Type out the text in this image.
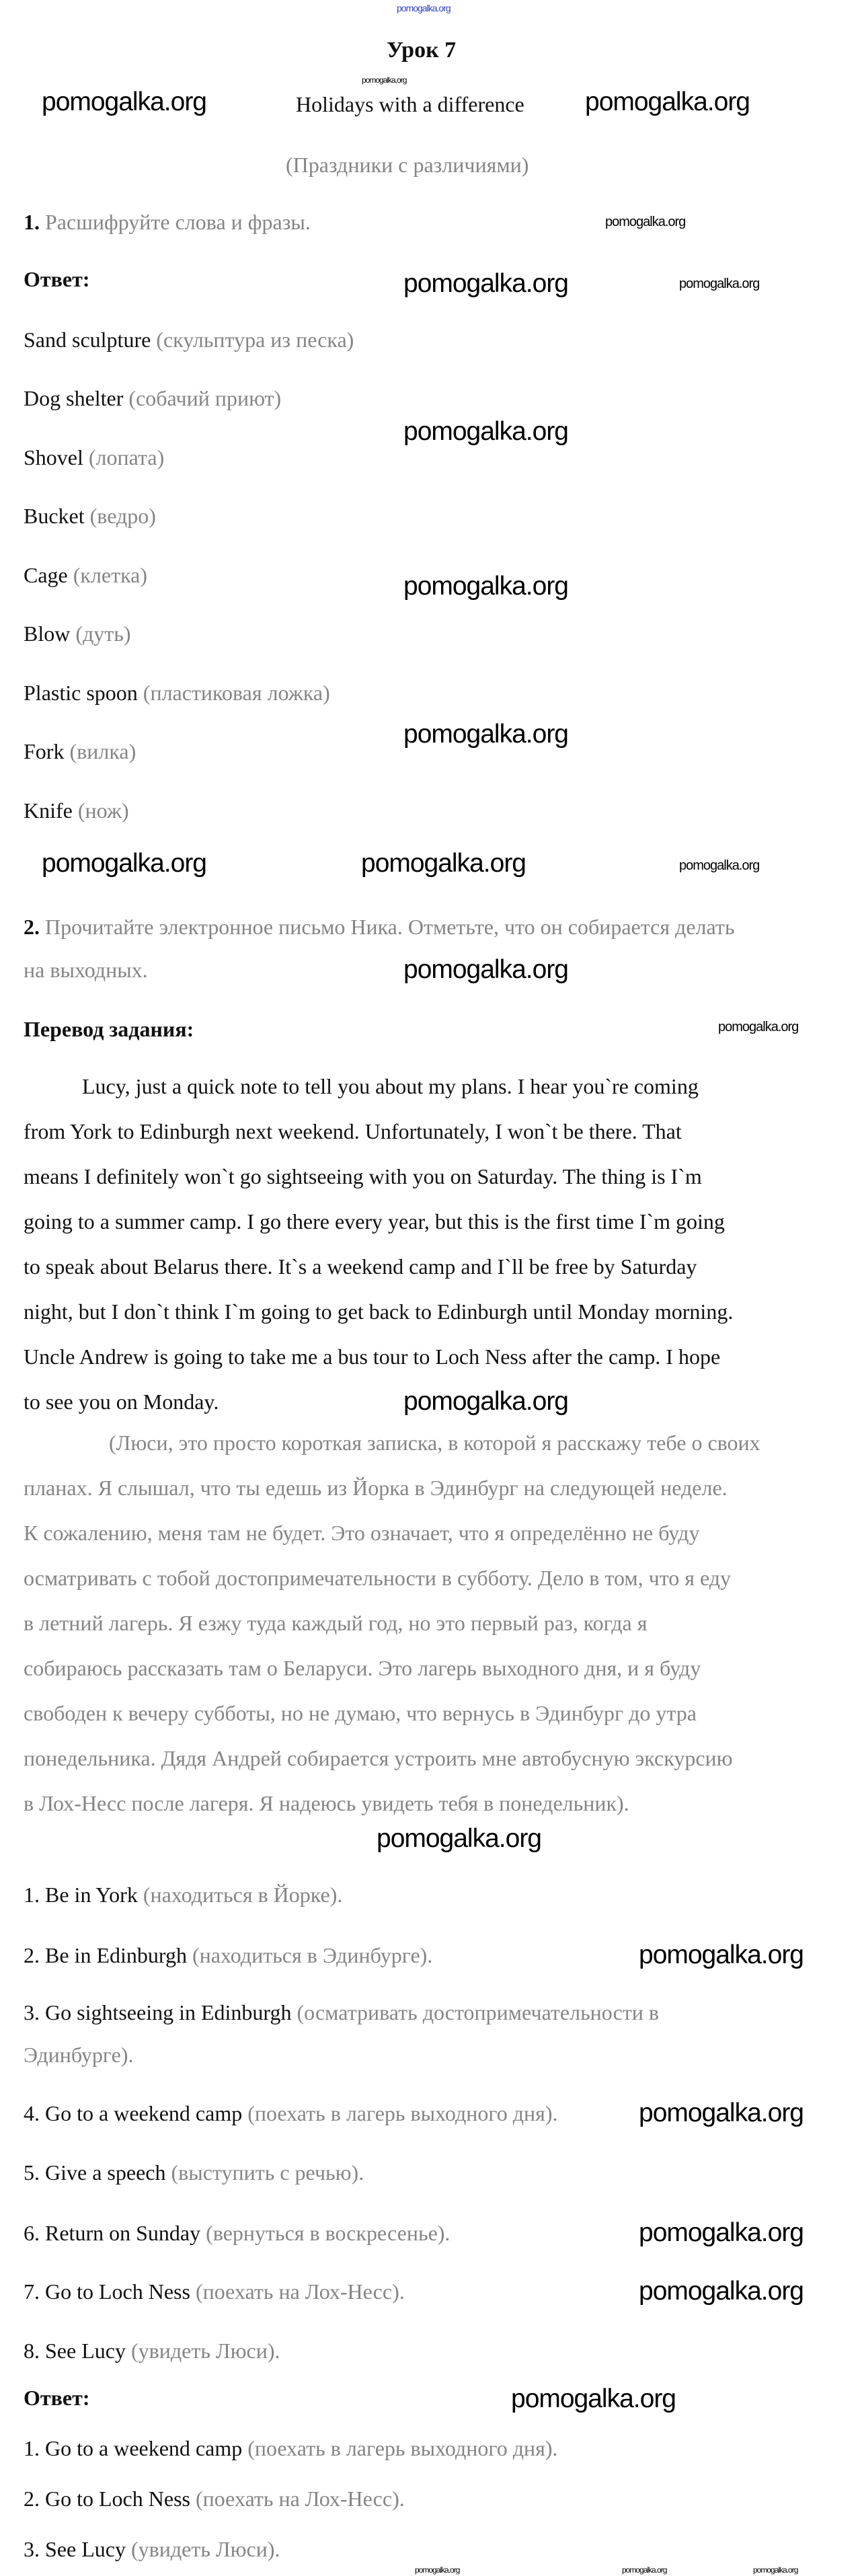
Урок 7
Holidays with a difference
(Праздники с различиями)
1. Расшифруйте слова и фразы.
Ответ:
2. Прочитайте электронное письмо Ника. Отметьте, что он собирается делать
на выходных.
Перевод задания:
Ответ:
Sand sculpture (скульптура из песка)
Dog shelter (собачий приют)
Shovel (лопата)
Bucket (ведро)
Cage (клетка)
Blow (дуть)
Plastic spoon (пластиковая ложка)
Fork (вилка)
Knife (нож)
Lucy, just a quick note to tell you about my plans. I hear you`re coming
from York to Edinburgh next weekend. Unfortunately, I won`t be there. That
means I definitely won`t go sightseeing with you on Saturday. The thing is I`m
going to a summer camp. I go there every year, but this is the first time I`m going
to speak about Belarus there. It`s a weekend camp and I`ll be free by Saturday
night, but I don`t think I`m going to get back to Edinburgh until Monday morning.
Uncle Andrew is going to take me a bus tour to Loch Ness after the camp. I hope
to see you on Monday.
(Люси, это просто короткая записка, в которой я расскажу тебе о своих
планах. Я слышал, что ты едешь из Йорка в Эдинбург на следующей неделе.
К сожалению, меня там не будет. Это означает, что я определённо не буду
осматривать с тобой достопримечательности в субботу. Дело в том, что я еду
в летний лагерь. Я езжу туда каждый год, но это первый раз, когда я
собираюсь рассказать там о Беларуси. Это лагерь выходного дня, и я буду
свободен к вечеру субботы, но не думаю, что вернусь в Эдинбург до утра
понедельника. Дядя Андрей собирается устроить мне автобусную экскурсию
в Лох-Несс после лагеря. Я надеюсь увидеть тебя в понедельник).
1. Be in York (находиться в Йорке).
2. Be in Edinburgh (находиться в Эдинбурге).
3. Go sightseeing in Edinburgh (осматривать достопримечательности в
4. Go to a weekend camp (поехать в лагерь выходного дня).
5. Give a speech (выступить с речью).
6. Return on Sunday (вернуться в воскресенье).
7. Go to Loch Ness (поехать на Лох-Несс).
8. See Lucy (увидеть Люси).
Эдинбурге).
1. Go to a weekend camp (поехать в лагерь выходного дня).
2. Go to Loch Ness (поехать на Лох-Несс).
3. See Lucy (увидеть Люси).
pomogalka.org
pomogalka.org	pomogalka.org
pomogalka.org
pomogalka.org
pomogalka.org	pomogalka.org
pomogalka.org
pomogalka.org
pomogalka.org
pomogalka.org	pomogalka.org	pomogalka.org
pomogalka.org
pomogalka.org
pomogalka.org
pomogalka.org
pomogalka.org
pomogalka.org
pomogalka.org
pomogalka.org
pomogalka.org
pomogalka.org	pomogalka.org	pomogalka.org
